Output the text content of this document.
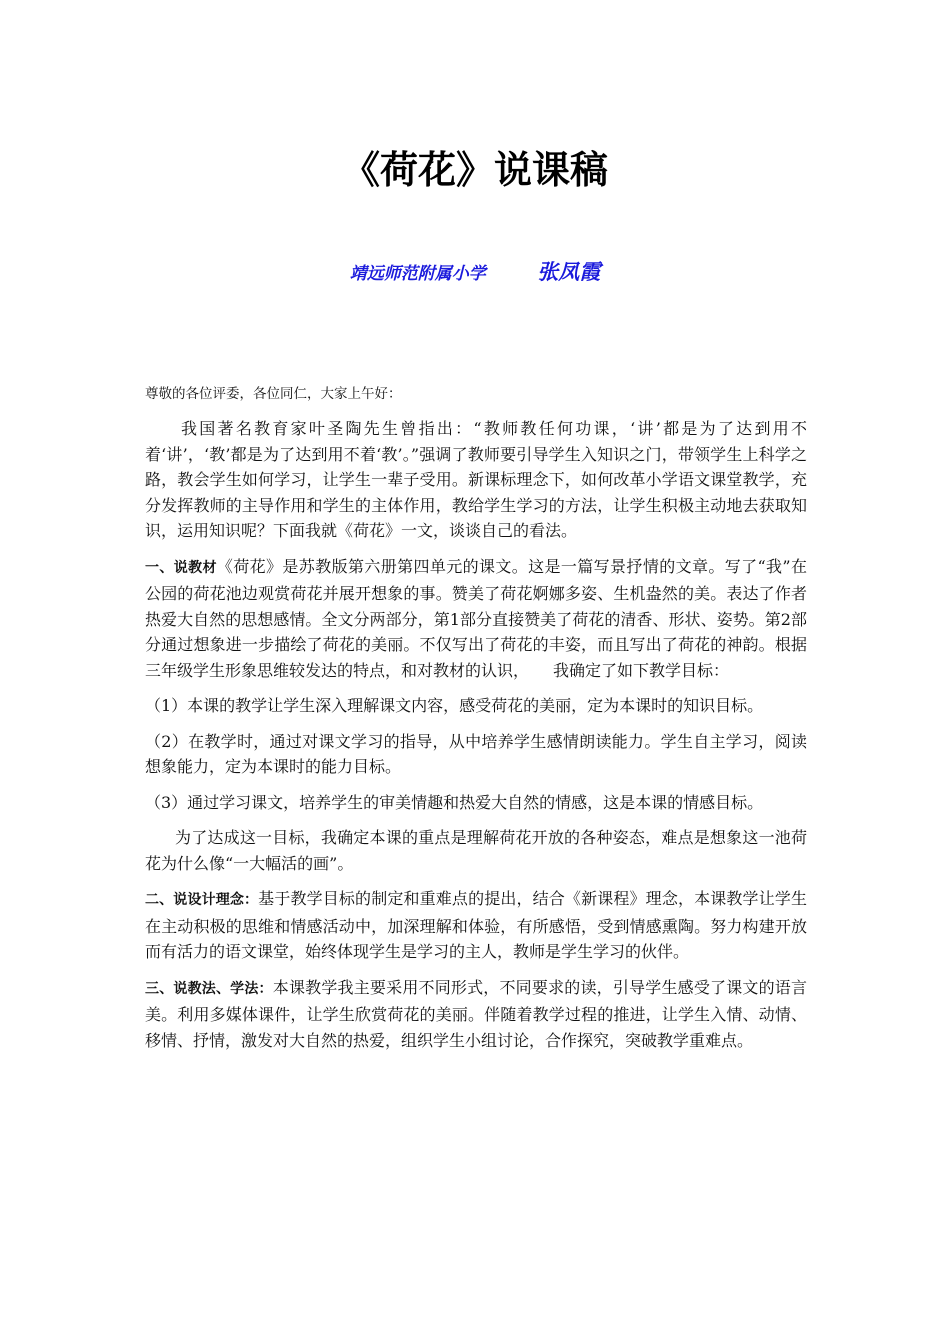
《荷花》说课稿
靖远师范附属小学 张凤霞
尊敬的各位评委，各位同仁，大家上午好：

我国著名教育家叶圣陶先生曾指出：“教师教任何功课，‘讲’都是为了达到用不着‘讲’，‘教’都是为了达到用不着‘教’。”强调了教师要引导学生入知识之门，带领学生上科学之路，教会学生如何学习，让学生一辈子受用。新课标理念下，如何改革小学语文课堂教学，充分发挥教师的主导作用和学生的主体作用，教给学生学习的方法，让学生积极主动地去获取知识，运用知识呢？下面我就《荷花》一文，谈谈自己的看法。

一、说教材《荷花》是苏教版第六册第四单元的课文。这是一篇写景抒情的文章。写了“我”在公园的荷花池边观赏荷花并展开想象的事。赞美了荷花婀娜多姿、生机盎然的美。表达了作者热爱大自然的思想感情。全文分两部分，第1部分直接赞美了荷花的清香、形状、姿势。第2部分通过想象进一步描绘了荷花的美丽。不仅写出了荷花的丰姿，而且写出了荷花的神韵。根据三年级学生形象思维较发达的特点，和对教材的认识，　　我确定了如下教学目标：

（1）本课的教学让学生深入理解课文内容，感受荷花的美丽，定为本课时的知识目标。

（2）在教学时，通过对课文学习的指导，从中培养学生感情朗读能力。学生自主学习，阅读想象能力，定为本课时的能力目标。

（3）通过学习课文，培养学生的审美情趣和热爱大自然的情感，这是本课的情感目标。

为了达成这一目标，我确定本课的重点是理解荷花开放的各种姿态，难点是想象这一池荷花为什么像“一大幅活的画”。

二、说设计理念：基于教学目标的制定和重难点的提出，结合《新课程》理念，本课教学让学生在主动积极的思维和情感活动中，加深理解和体验，有所感悟，受到情感熏陶。努力构建开放而有活力的语文课堂，始终体现学生是学习的主人，教师是学生学习的伙伴。

三、说教法、学法：本课教学我主要采用不同形式，不同要求的读，引导学生感受了课文的语言美。利用多媒体课件，让学生欣赏荷花的美丽。伴随着教学过程的推进，让学生入情、动情、移情、抒情，激发对大自然的热爱，组织学生小组讨论，合作探究，突破教学重难点。
